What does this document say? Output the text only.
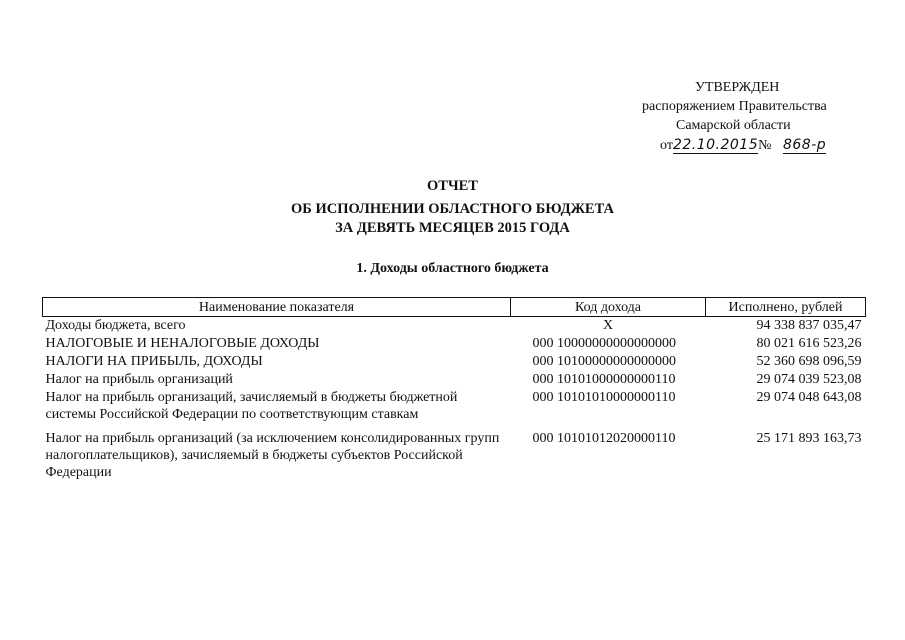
УТВЕРЖДЕН
распоряжением Правительства
Самарской области
от22.10.2015№ 868-р
ОТЧЕТ
ОБ ИСПОЛНЕНИИ ОБЛАСТНОГО БЮДЖЕТА
ЗА ДЕВЯТЬ МЕСЯЦЕВ 2015 ГОДА
1. Доходы областного бюджета
Наименование показателя	Код дохода	Исполнено, рублей
Доходы бюджета, всего	X	94 338 837 035,47
НАЛОГОВЫЕ И НЕНАЛОГОВЫЕ ДОХОДЫ	000 10000000000000000	80 021 616 523,26
НАЛОГИ НА ПРИБЫЛЬ, ДОХОДЫ	000 10100000000000000	52 360 698 096,59
Налог на прибыль организаций	000 10101000000000110	29 074 039 523,08
Налог на прибыль организаций, зачисляемый в бюджеты бюджетной системы Российской Федерации по соответствующим ставкам	000 10101010000000110	29 074 048 643,08
Налог на прибыль организаций (за исключением консолидированных групп налогоплательщиков), зачисляемый в бюджеты субъектов Российской Федерации	000 10101012020000110	25 171 893 163,73
